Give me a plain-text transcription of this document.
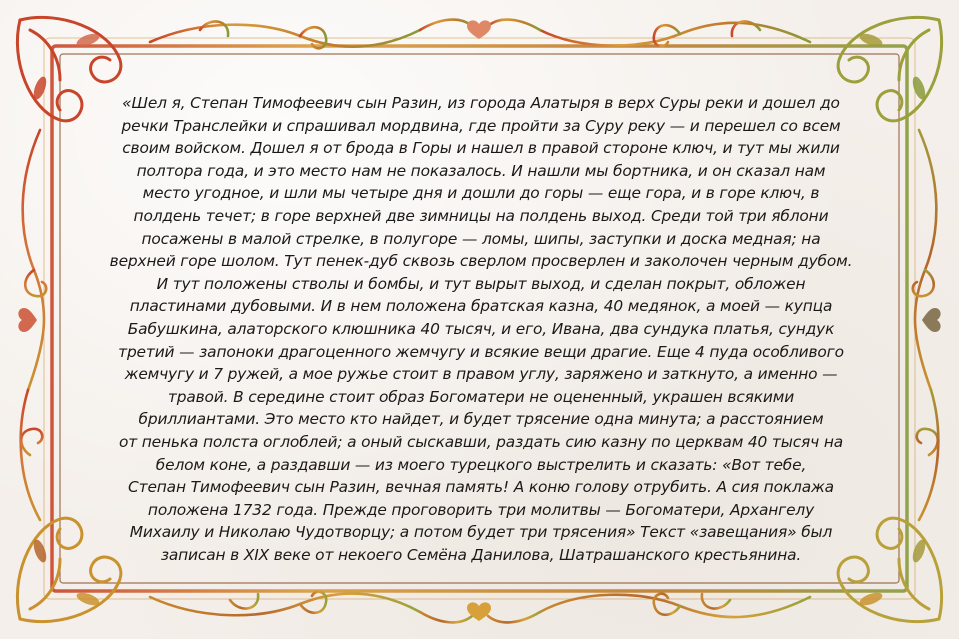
«Шел я, Степан Тимофеевич сын Разин, из города Алатыря в верх Суры реки и дошел до
речки Транслейки и спрашивал мордвина, где пройти за Суру реку — и перешел со всем
своим войском. Дошел я от брода в Горы и нашел в правой стороне ключ, и тут мы жили
полтора года, и это место нам не показалось. И нашли мы бортника, и он сказал нам
место угодное, и шли мы четыре дня и дошли до горы — еще гора, и в горе ключ, в
полдень течет; в горе верхней две зимницы на полдень выход. Среди той три яблони
посажены в малой стрелке, в полугоре — ломы, шипы, заступки и доска медная; на
верхней горе шолом. Тут пенек-дуб сквозь сверлом просверлен и заколочен черным дубом.
И тут положены стволы и бомбы, и тут вырыт выход, и сделан покрыт, обложен
пластинами дубовыми. И в нем положена братская казна, 40 медянок, а моей — купца
Бабушкина, алаторского клюшника 40 тысяч, и его, Ивана, два сундука платья, сундук
третий — запоноки драгоценного жемчугу и всякие вещи драгие. Еще 4 пуда особливого
жемчугу и 7 ружей, а мое ружье стоит в правом углу, заряжено и заткнуто, а именно —
травой. В середине стоит образ Богоматери не оцененный, украшен всякими
бриллиантами. Это место кто найдет, и будет трясение одна минута; а расстоянием
от пенька полста оглоблей; а оный сыскавши, раздать сию казну по церквам 40 тысяч на
белом коне, а раздавши — из моего турецкого выстрелить и сказать: «Вот тебе,
Степан Тимофеевич сын Разин, вечная память! А коню голову отрубить. А сия поклажа
положена 1732 года. Прежде проговорить три молитвы — Богоматери, Архангелу
Михаилу и Николаю Чудотворцу; а потом будет три трясения» Текст «завещания» был
записан в XIX веке от некоего Семёна Данилова, Шатрашанского крестьянина.
